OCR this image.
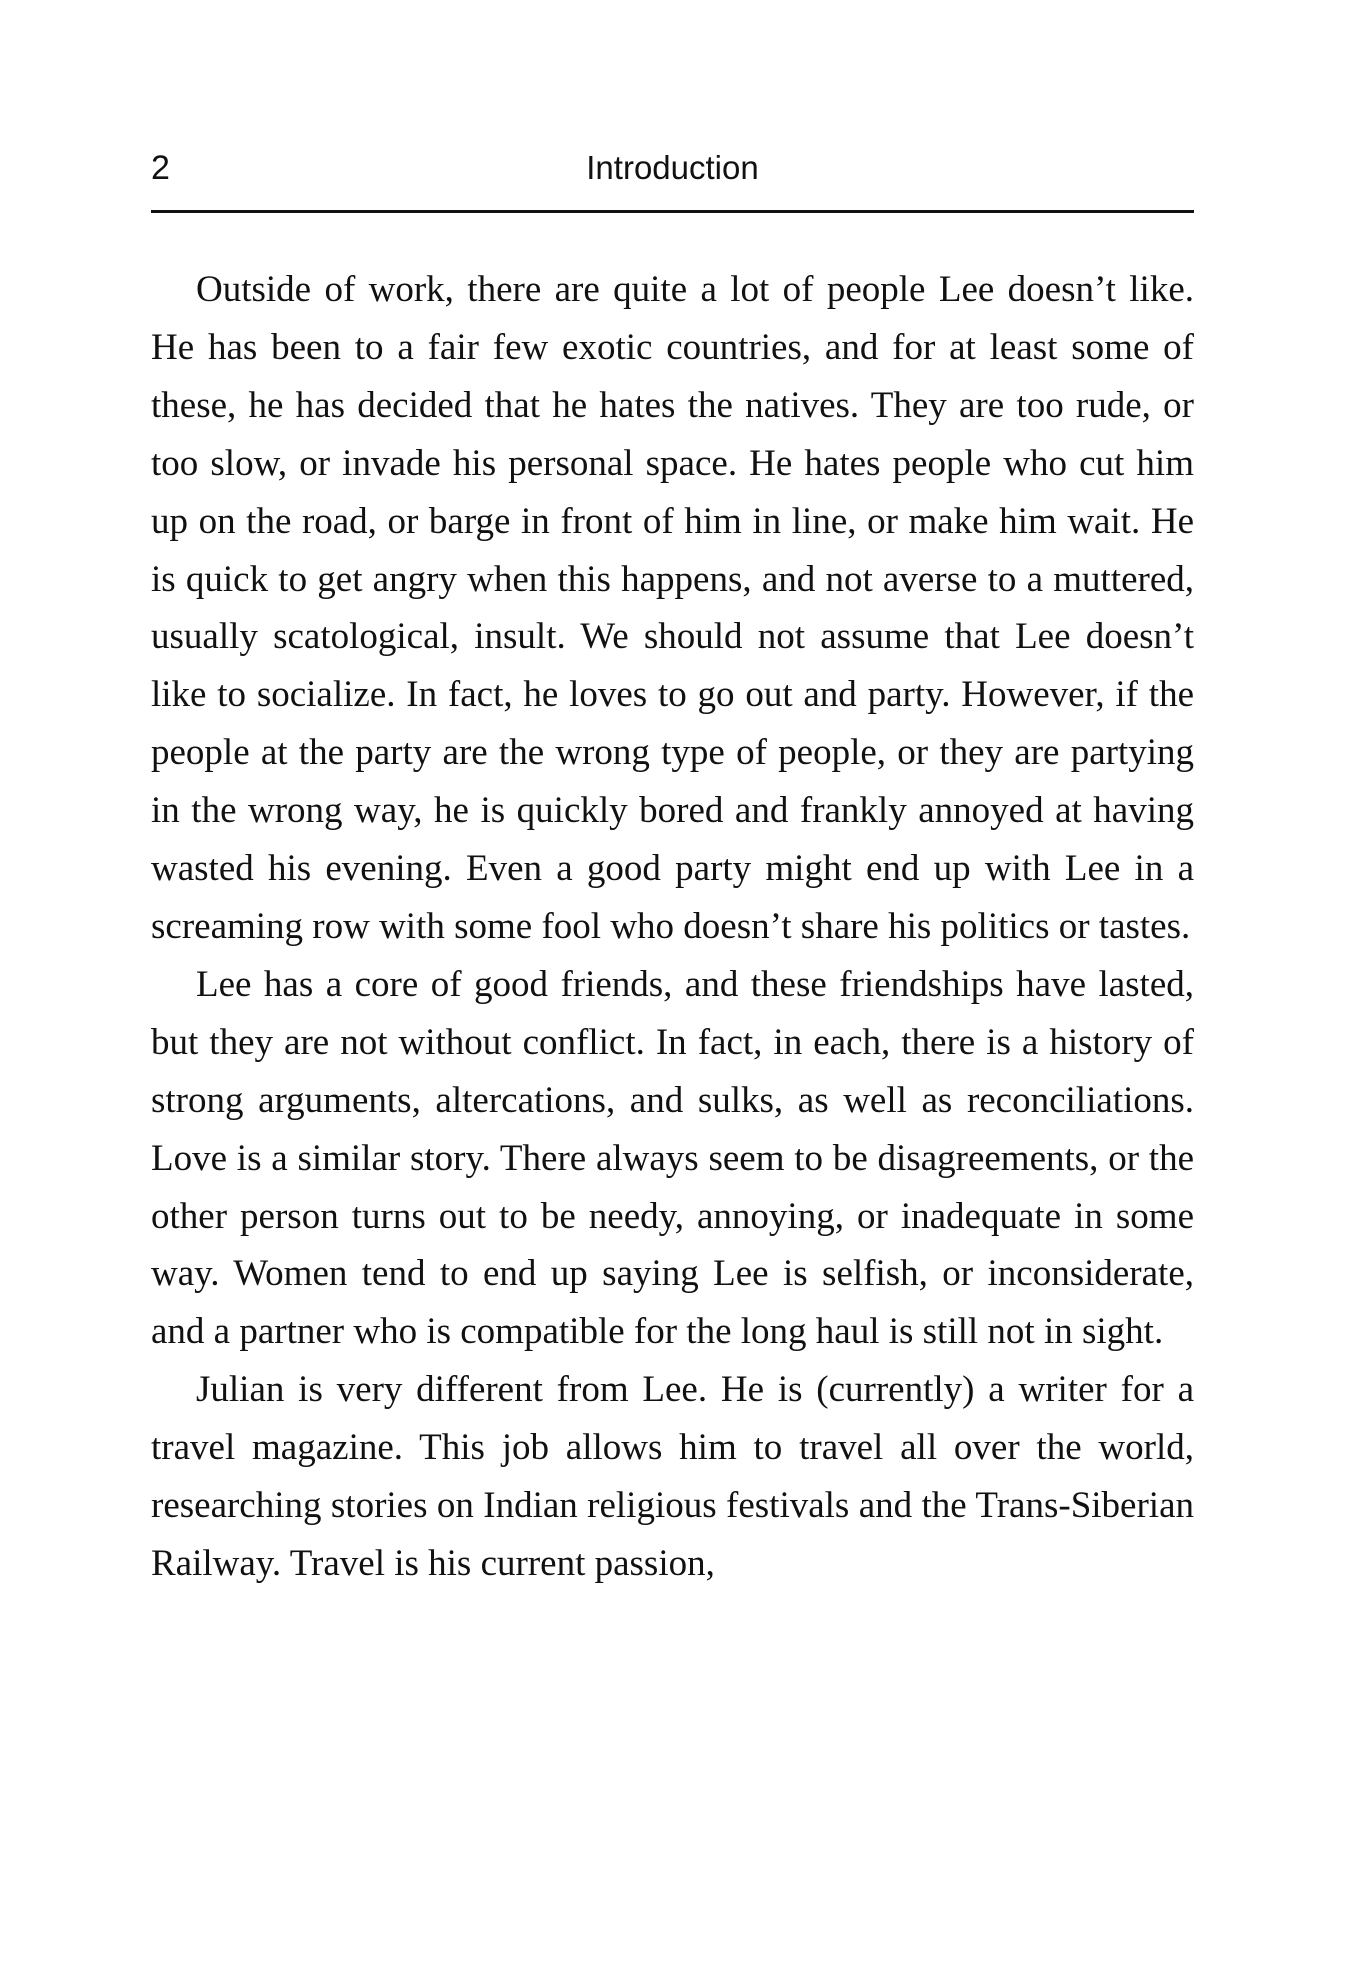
2	Introduction

Outside of work, there are quite a lot of people Lee doesn’t like. He has been to a fair few exotic countries, and for at least some of these, he has decided that he hates the natives. They are too rude, or too slow, or invade his personal space. He hates people who cut him up on the road, or barge in front of him in line, or make him wait. He is quick to get angry when this happens, and not averse to a muttered, usually scatological, insult. We should not assume that Lee doesn’t like to socialize. In fact, he loves to go out and party. However, if the people at the party are the wrong type of people, or they are partying in the wrong way, he is quickly bored and frankly annoyed at having wasted his evening. Even a good party might end up with Lee in a screaming row with some fool who doesn’t share his politics or tastes.

Lee has a core of good friends, and these friendships have lasted, but they are not without conflict. In fact, in each, there is a history of strong arguments, altercations, and sulks, as well as reconciliations. Love is a similar story. There always seem to be disagreements, or the other person turns out to be needy, annoying, or inadequate in some way. Women tend to end up saying Lee is selfish, or inconsiderate, and a partner who is compatible for the long haul is still not in sight.

Julian is very different from Lee. He is (currently) a writer for a travel magazine. This job allows him to travel all over the world, researching stories on Indian religious festivals and the Trans-Siberian Railway. Travel is his current passion,
